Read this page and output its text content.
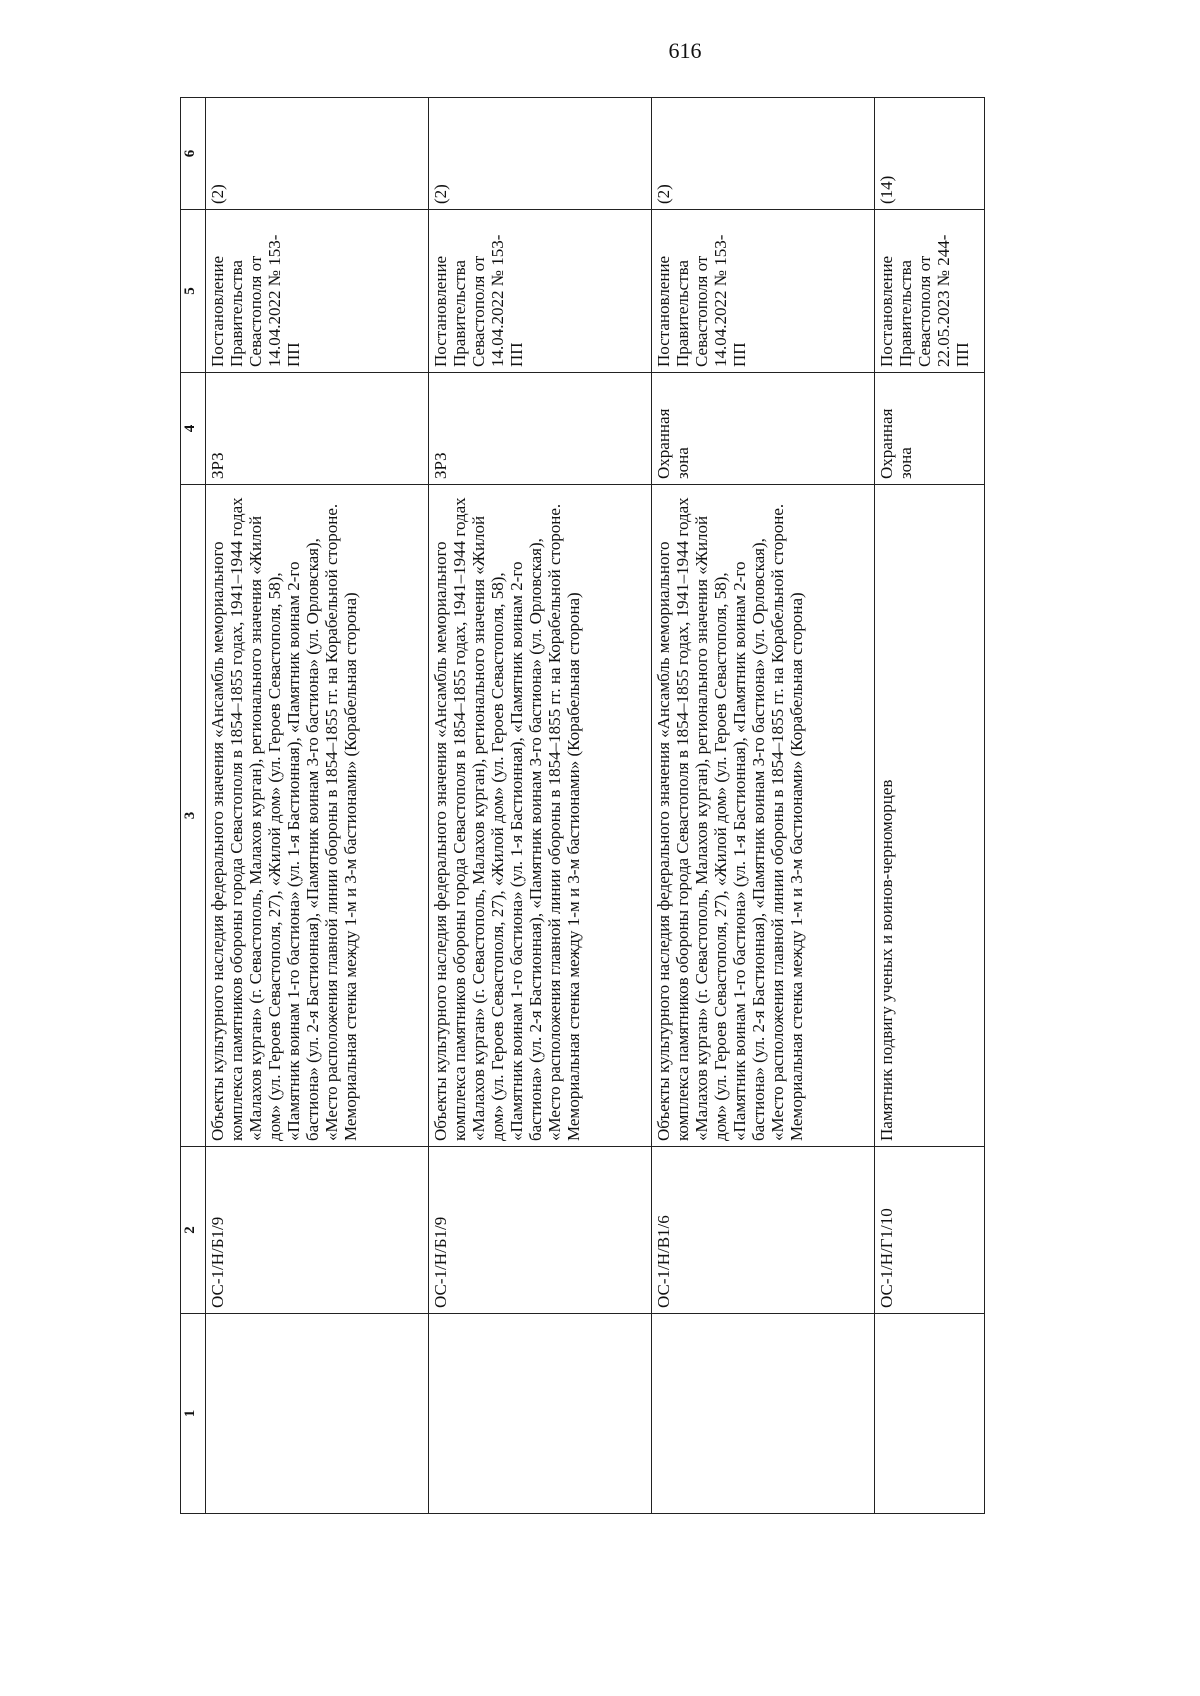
616
1	2	3	4	5	6
	ОС-1/Н/Б1/9	Объекты культурного наследия федерального значения «Ансамбль мемориального комплекса памятников обороны города Севастополя в 1854–1855 годах, 1941–1944 годах «Малахов курган» (г. Севастополь, Малахов курган), регионального значения «Жилой дом» (ул. Героев Севастополя, 27), «Жилой дом» (ул. Героев Севастополя, 58), «Памятник воинам 1-го бастиона» (ул. 1-я Бастионная), «Памятник воинам 2-го бастиона» (ул. 2-я Бастионная), «Памятник воинам 3-го бастиона» (ул. Орловская), «Место расположения главной линии обороны в 1854–1855 гг. на Корабельной стороне. Мемориальная стенка между 1-м и 3-м бастионами» (Корабельная сторона)	ЗРЗ	Постановление Правительства Севастополя от 14.04.2022 № 153-ПП	(2)
	ОС-1/Н/Б1/9	Объекты культурного наследия федерального значения «Ансамбль мемориального комплекса памятников обороны города Севастополя в 1854–1855 годах, 1941–1944 годах «Малахов курган» (г. Севастополь, Малахов курган), регионального значения «Жилой дом» (ул. Героев Севастополя, 27), «Жилой дом» (ул. Героев Севастополя, 58), «Памятник воинам 1-го бастиона» (ул. 1-я Бастионная), «Памятник воинам 2-го бастиона» (ул. 2-я Бастионная), «Памятник воинам 3-го бастиона» (ул. Орловская), «Место расположения главной линии обороны в 1854–1855 гг. на Корабельной стороне. Мемориальная стенка между 1-м и 3-м бастионами» (Корабельная сторона)	ЗРЗ	Постановление Правительства Севастополя от 14.04.2022 № 153-ПП	(2)
	ОС-1/Н/В1/6	Объекты культурного наследия федерального значения «Ансамбль мемориального комплекса памятников обороны города Севастополя в 1854–1855 годах, 1941–1944 годах «Малахов курган» (г. Севастополь, Малахов курган), регионального значения «Жилой дом» (ул. Героев Севастополя, 27), «Жилой дом» (ул. Героев Севастополя, 58), «Памятник воинам 1-го бастиона» (ул. 1-я Бастионная), «Памятник воинам 2-го бастиона» (ул. 2-я Бастионная), «Памятник воинам 3-го бастиона» (ул. Орловская), «Место расположения главной линии обороны в 1854–1855 гг. на Корабельной стороне. Мемориальная стенка между 1-м и 3-м бастионами» (Корабельная сторона)	Охранная зона	Постановление Правительства Севастополя от 14.04.2022 № 153-ПП	(2)
	ОС-1/Н/Г1/10	Памятник подвигу ученых и воинов-черноморцев	Охранная зона	Постановление Правительства Севастополя от 22.05.2023 № 244-ПП	(14)
